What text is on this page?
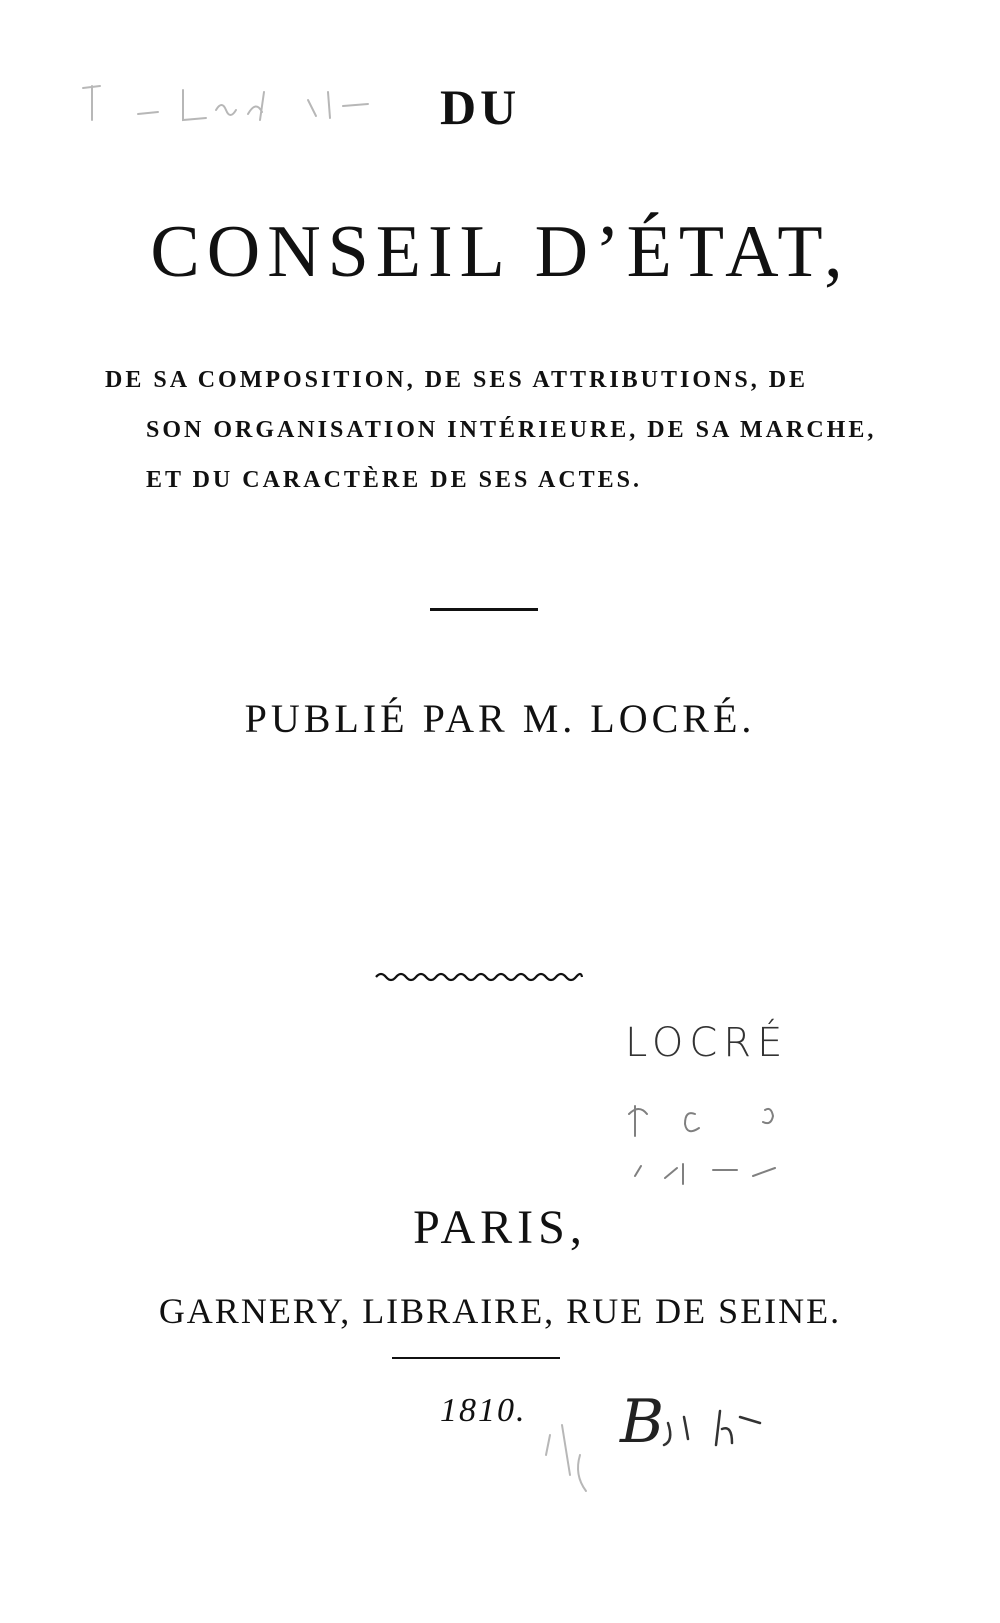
DU
CONSEIL D’ÉTAT,
DE SA COMPOSITION, DE SES ATTRIBUTIONS, DE
SON ORGANISATION INTÉRIEURE, DE SA MARCHE,
ET DU CARACTÈRE DE SES ACTES.
PUBLIÉ PAR M. LOCRÉ.
LOCRÉ
PARIS,
GARNERY, LIBRAIRE, RUE DE SEINE.
1810. B
